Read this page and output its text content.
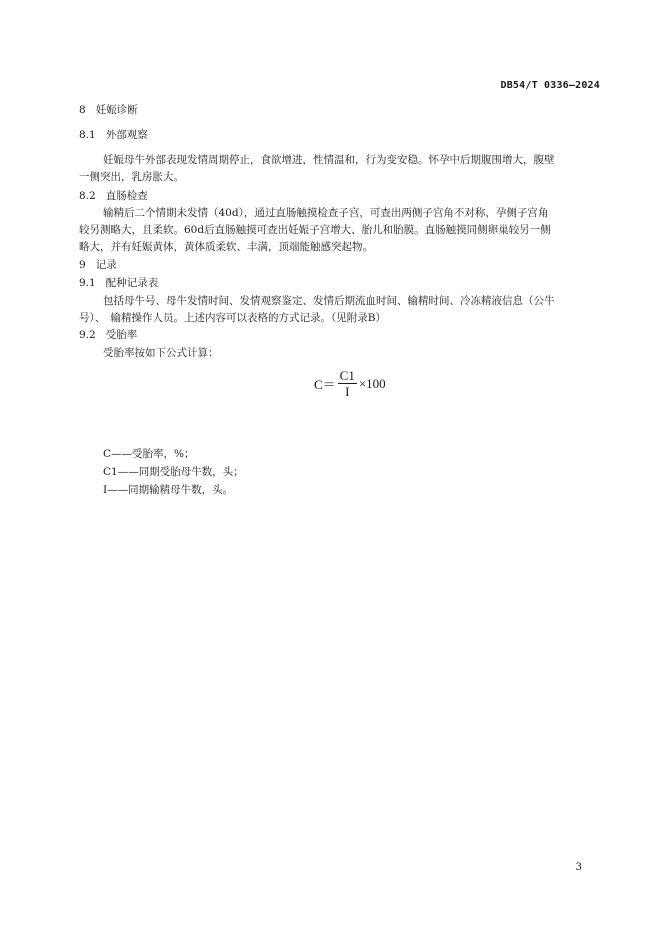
DB54/T 0336—2024
8 妊娠诊断
8.1 外部观察
妊娠母牛外部表现发情周期停止，食欲增进，性情温和，行为变安稳。怀孕中后期腹围增大，腹壁
一侧突出，乳房胀大。
8.2 直肠检查
输精后二个情期未发情（40d），通过直肠触摸检查子宫，可查出两侧子宫角不对称，孕侧子宫角
较另测略大，且柔软。60d后直肠触摸可查出妊娠子宫增大、胎儿和胎膜。直肠触摸同侧卵巢较另一侧
略大，并有妊娠黄体，黄体质柔软、丰满，顶端能触感突起物。
9 记录
9.1 配种记录表
包括母牛号、母牛发情时间、发情观察鉴定、发情后期流血时间、输精时间、冷冻精液信息（公牛
号）、　输精操作人员。上述内容可以表格的方式记录。（见附录B）
9.2 受胎率
受胎率按如下公式计算：
$C= \frac{C1}{I} \times 100$
C——受胎率，%；
C1——同期受胎母牛数，头；
I——同期输精母牛数，头。
3
